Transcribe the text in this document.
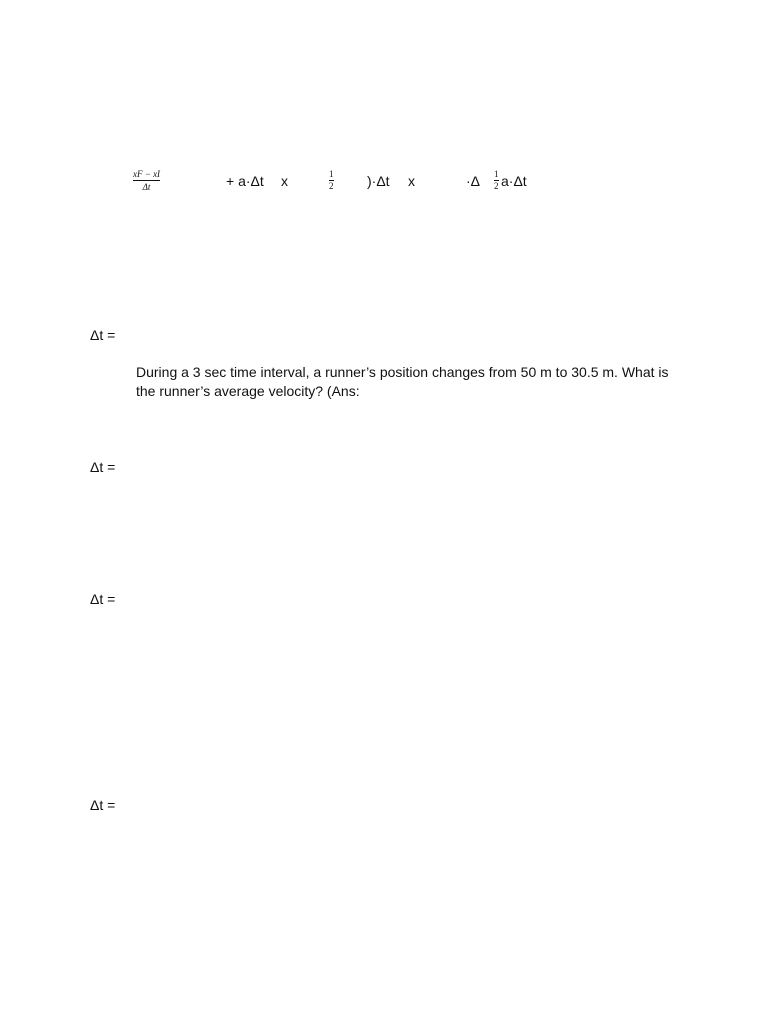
xF − xI
Δt	+ a·Δt x	1
2 )·Δt x	·Δ 1
2 a·Δt
Δt =
During a 3 sec time interval, a runner’s position changes from 50 m to 30.5 m. What is the runner’s average velocity? (Ans:
Δt =
Δt =
Δt =
